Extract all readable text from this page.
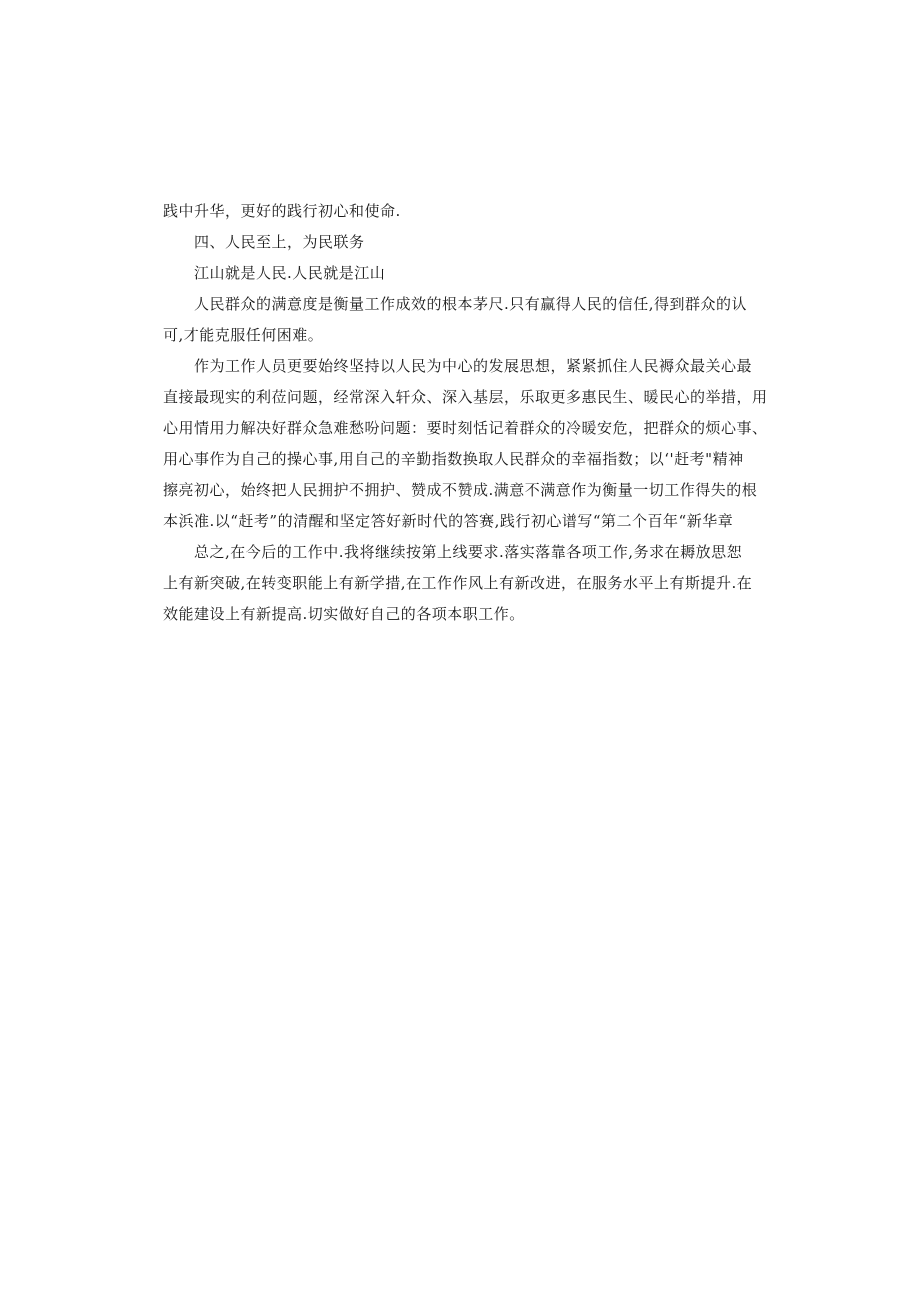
践中升华，更好的践行初心和使命.
四、人民至上，为民联务
江山就是人民.人民就是江山
人民群众的满意度是衡量工作成效的根本茅尺.只有赢得人民的信任,得到群众的认
可,才能克服任何困难。
作为工作人员更要始终坚持以人民为中心的发展思想，紧紧抓住人民褥众最关心最
直接最现实的利莅问题，经常深入轩众、深入基层，乐取更多惠民生、暖民心的举措，用
心用情用力解决好群众急难愁吩问题：要时刻恬记着群众的冷暖安危，把群众的烦心事、
用心事作为自己的操心事,用自己的辛勤指数换取人民群众的幸福指数；以‘'赶考"精神
擦亮初心，始终把人民拥护不拥护、赞成不赞成.满意不满意作为衡量一切工作得失的根
本浜准.以“赶考”的清醒和坚定答好新时代的答赛,践行初心谱写“第二个百年“新华章
总之,在今后的工作中.我将继续按第上线要求.落实落靠各项工作,务求在耨放思恕
上有新突破,在转变职能上有新学措,在工作作风上有新改进，在服务水平上有斯提升.在
效能建设上有新提高.切实做好自己的各项本职工作。
